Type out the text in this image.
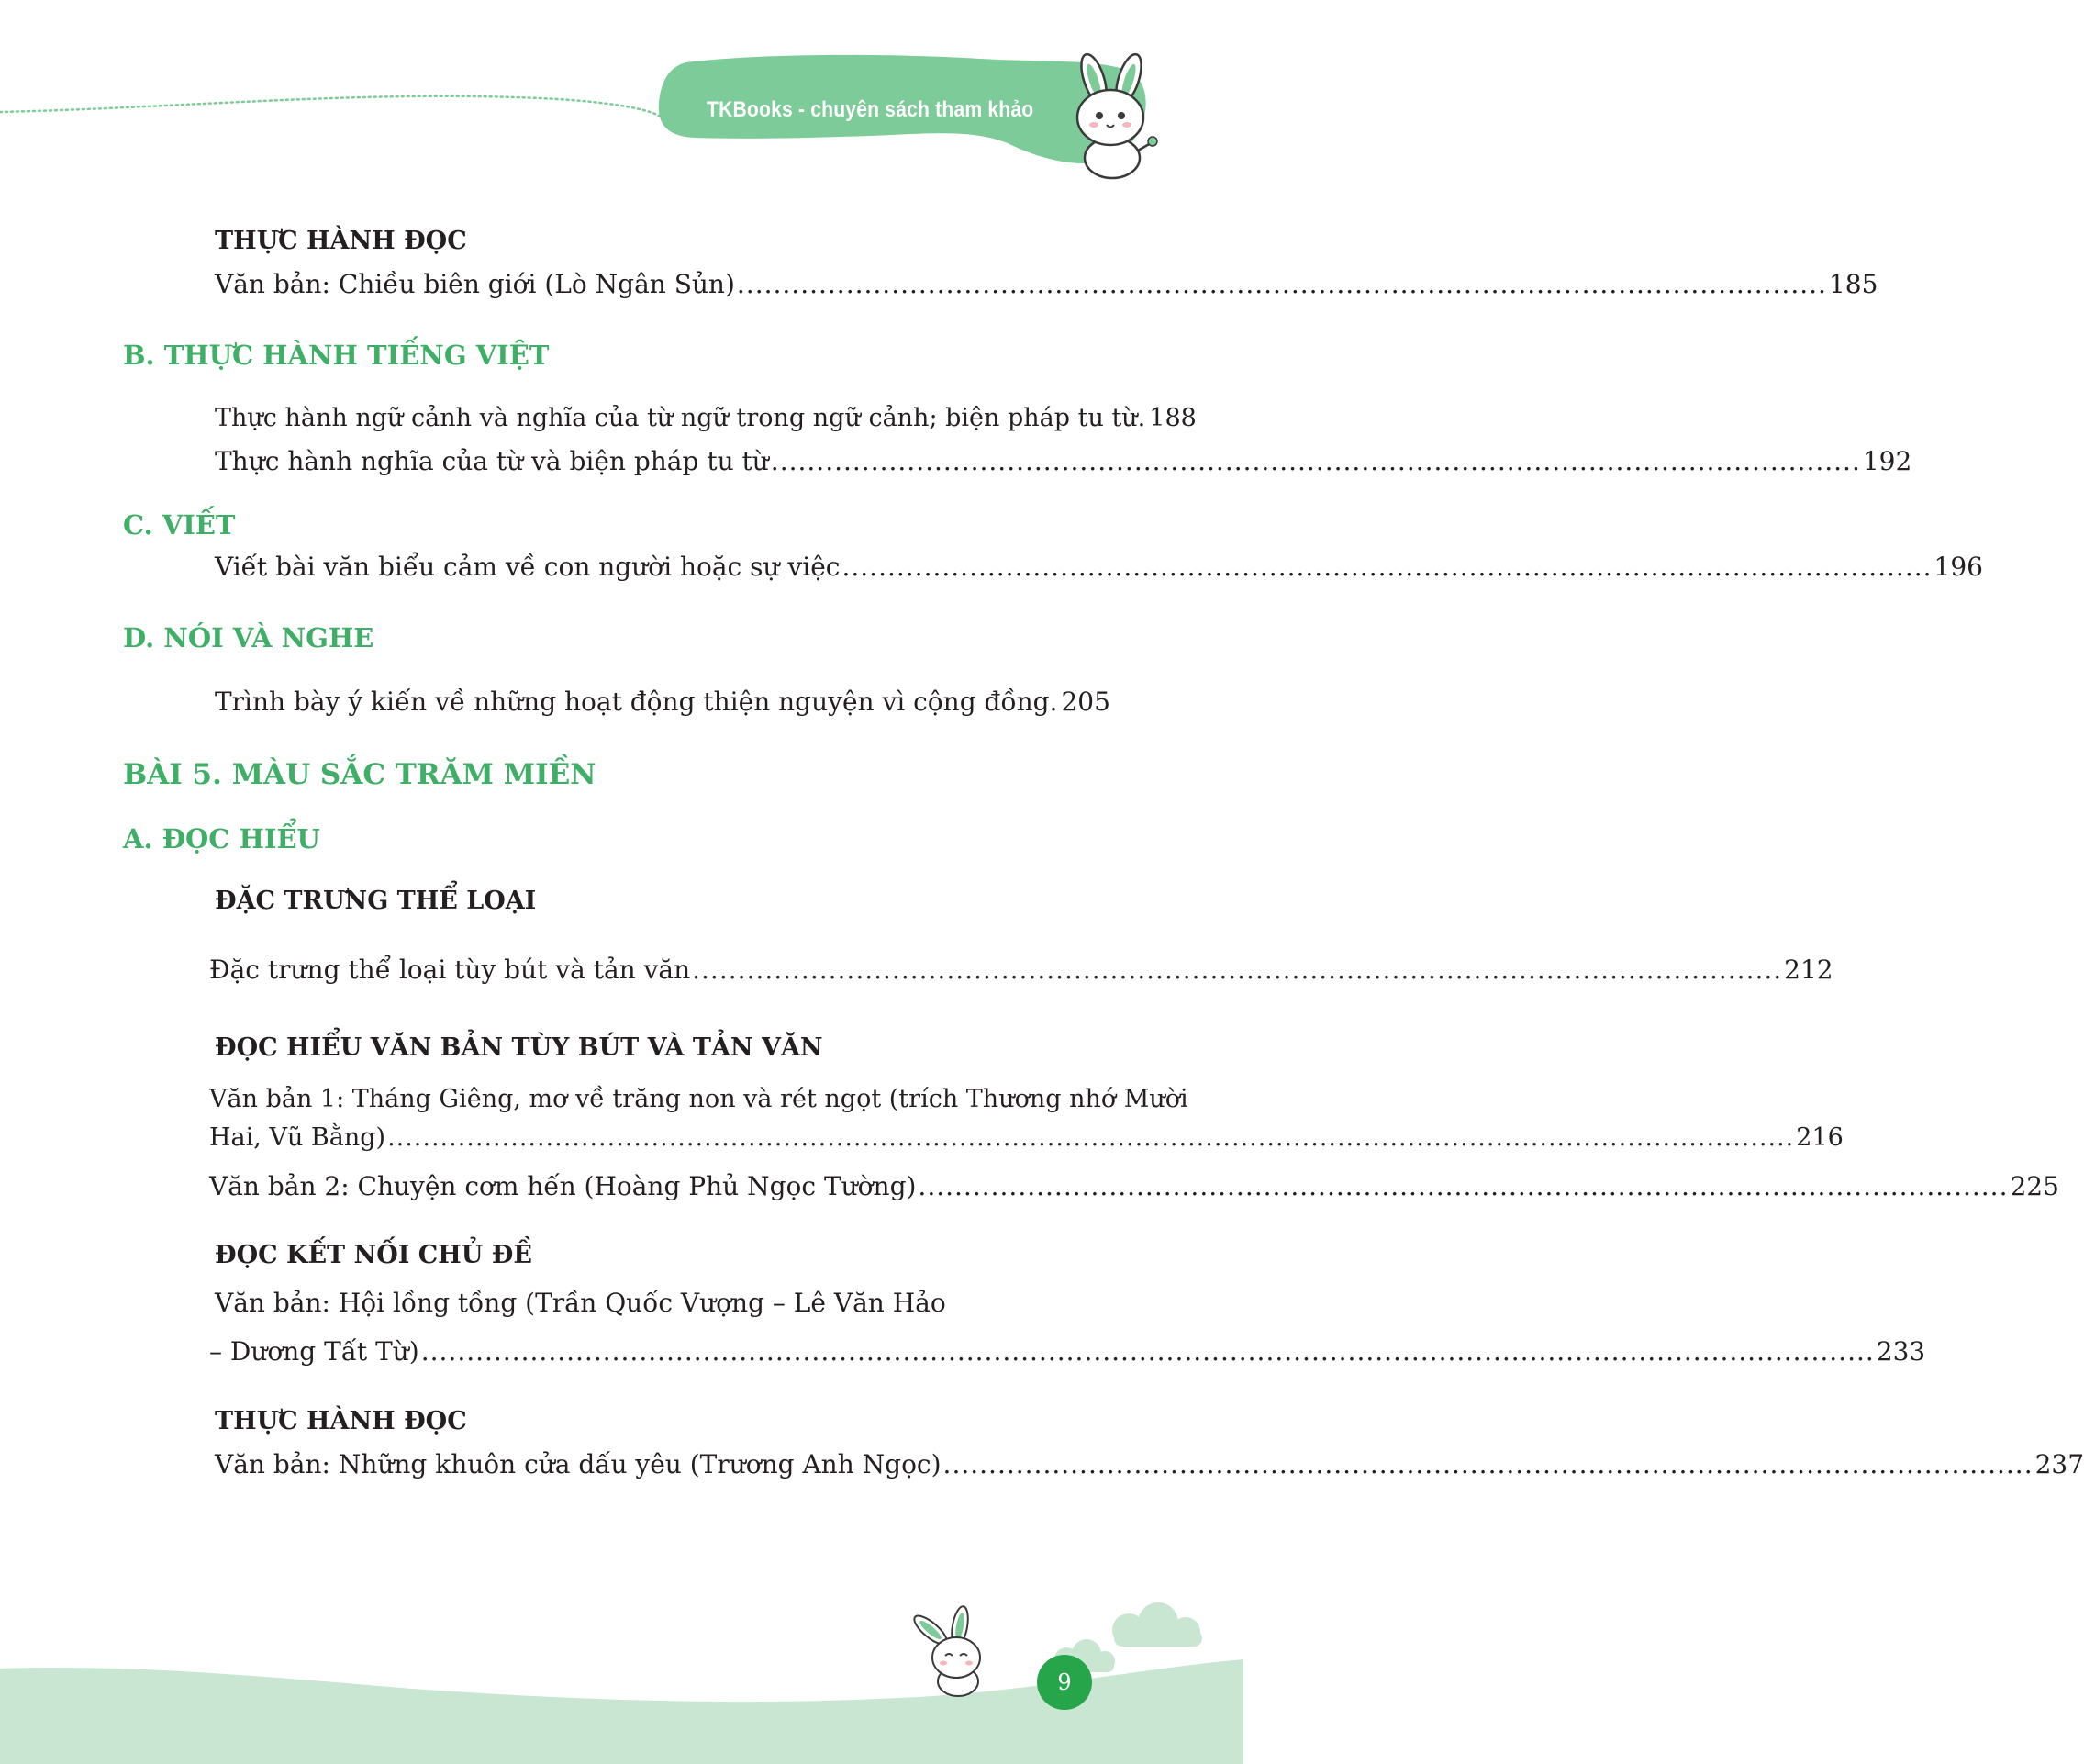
TKBooks - chuyên sách tham khảo
THỰC HÀNH ĐỌC
Văn bản: Chiều biên giới (Lò Ngân Sủn) ........................................................................................................................ 185
B. THỰC HÀNH TIẾNG VIỆT
Thực hành ngữ cảnh và nghĩa của từ ngữ trong ngữ cảnh; biện pháp tu từ. 188
Thực hành nghĩa của từ và biện pháp tu từ ........................................................................................................................ 192
C. VIẾT
Viết bài văn biểu cảm về con người hoặc sự việc ........................................................................................................................ 196
D. NÓI VÀ NGHE
Trình bày ý kiến về những hoạt động thiện nguyện vì cộng đồng. 205
BÀI 5. MÀU SẮC TRĂM MIỀN
A. ĐỌC HIỂU
ĐẶC TRƯNG THỂ LOẠI
Đặc trưng thể loại tùy bút và tản văn ........................................................................................................................ 212
ĐỌC HIỂU VĂN BẢN TÙY BÚT VÀ TẢN VĂN
Văn bản 1: Tháng Giêng, mơ về trăng non và rét ngọt (trích Thương nhớ Mười
Hai, Vũ Bằng) ................................................................................................................................................................ 216
Văn bản 2: Chuyện cơm hến (Hoàng Phủ Ngọc Tường) ........................................................................................................................ 225
ĐỌC KẾT NỐI CHỦ ĐỀ
Văn bản: Hội lồng tồng (Trần Quốc Vượng – Lê Văn Hảo
– Dương Tất Từ) ................................................................................................................................................................ 233
THỰC HÀNH ĐỌC
Văn bản: Những khuôn cửa dấu yêu (Trương Anh Ngọc) ........................................................................................................................ 237
9
